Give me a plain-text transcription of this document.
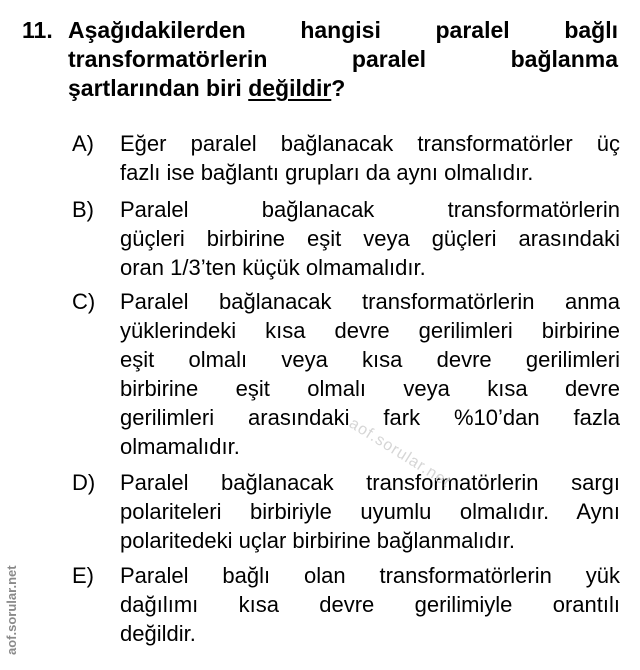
11. Aşağıdakilerden hangisi paralel bağlı
transformatörlerin paralel bağlanma
şartlarından biri değildir?
A)	Eğer paralel bağlanacak transformatörler üç
fazlı ise bağlantı grupları da aynı olmalıdır.
B)	Paralel bağlanacak transformatörlerin
güçleri birbirine eşit veya güçleri arasındaki
oran 1/3’ten küçük olmamalıdır.
C)	Paralel bağlanacak transformatörlerin anma
yüklerindeki kısa devre gerilimleri birbirine
eşit olmalı veya kısa devre gerilimleri
birbirine eşit olmalı veya kısa devre
gerilimleri arasındaki fark %10’dan fazla
olmamalıdır.
D)	Paralel bağlanacak transformatörlerin sargı
polariteleri birbiriyle uyumlu olmalıdır. Aynı
polaritedeki uçlar birbirine bağlanmalıdır.
E)	Paralel bağlı olan transformatörlerin yük
dağılımı kısa devre gerilimiyle orantılı
değildir.
aof.sorular.net
aof.sorular.net
